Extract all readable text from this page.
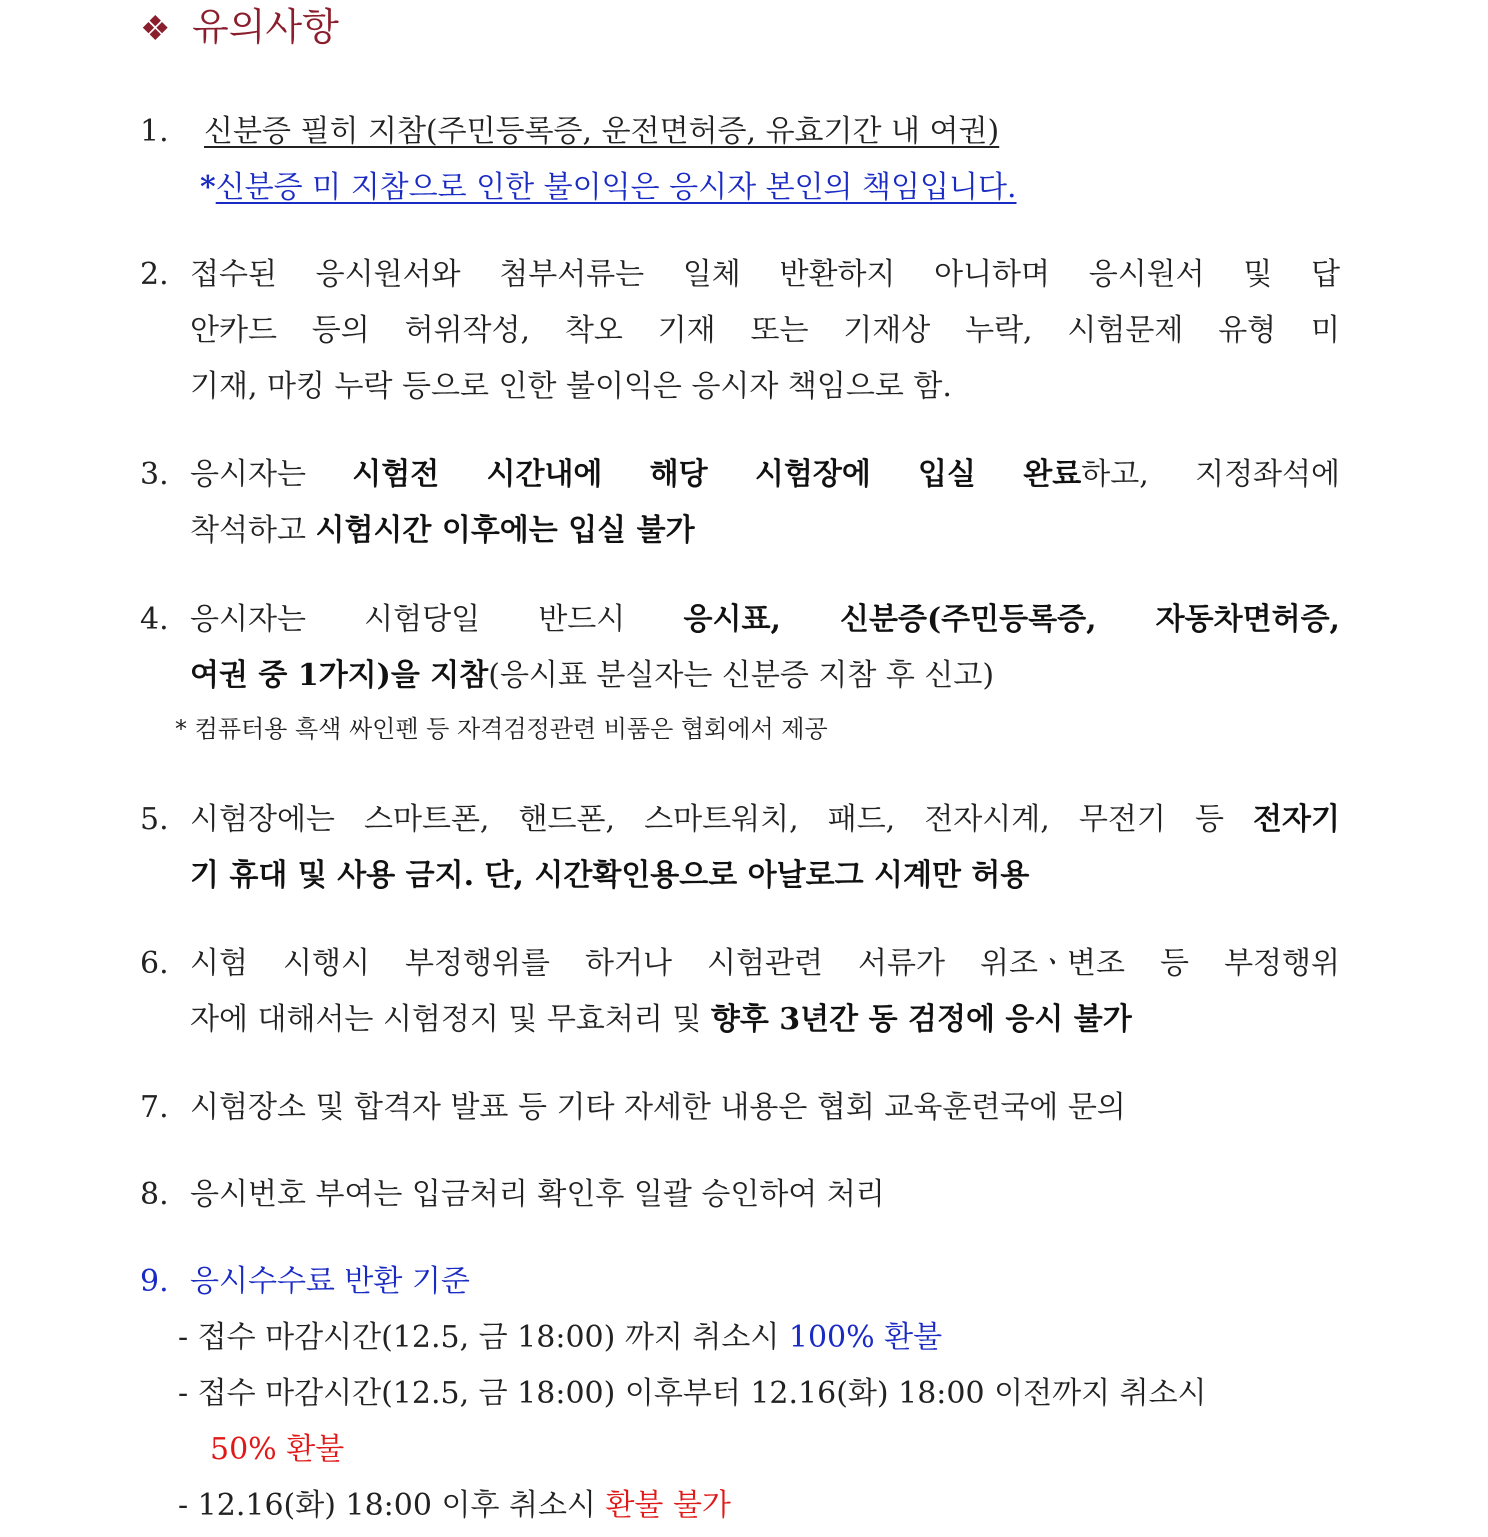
❖ 유의사항
1. 신분증 필히 지참(주민등록증, 운전면허증, 유효기간 내 여권)
*신분증 미 지참으로 인한 불이익은 응시자 본인의 책임입니다.
2. 접수된 응시원서와 첨부서류는 일체 반환하지 아니하며 응시원서 및 답
안카드 등의 허위작성, 착오 기재 또는 기재상 누락, 시험문제 유형 미
기재, 마킹 누락 등으로 인한 불이익은 응시자 책임으로 함.
3. 응시자는 시험전 시간내에 해당 시험장에 입실 완료하고, 지정좌석에
착석하고 시험시간 이후에는 입실 불가
4. 응시자는 시험당일 반드시 응시표, 신분증(주민등록증, 자동차면허증,
여권 중 1가지)을 지참(응시표 분실자는 신분증 지참 후 신고)
* 컴퓨터용 흑색 싸인펜 등 자격검정관련 비품은 협회에서 제공
5. 시험장에는 스마트폰, 핸드폰, 스마트워치, 패드, 전자시계, 무전기 등 전자기
기 휴대 및 사용 금지. 단, 시간확인용으로 아날로그 시계만 허용
6. 시험 시행시 부정행위를 하거나 시험관련 서류가 위조ㆍ변조 등 부정행위
자에 대해서는 시험정지 및 무효처리 및 향후 3년간 동 검정에 응시 불가
7. 시험장소 및 합격자 발표 등 기타 자세한 내용은 협회 교육훈련국에 문의
8. 응시번호 부여는 입금처리 확인후 일괄 승인하여 처리
9. 응시수수료 반환 기준
- 접수 마감시간(12.5, 금 18:00) 까지 취소시 100% 환불
- 접수 마감시간(12.5, 금 18:00) 이후부터 12.16(화) 18:00 이전까지 취소시
50% 환불
- 12.16(화) 18:00 이후 취소시 환불 불가
